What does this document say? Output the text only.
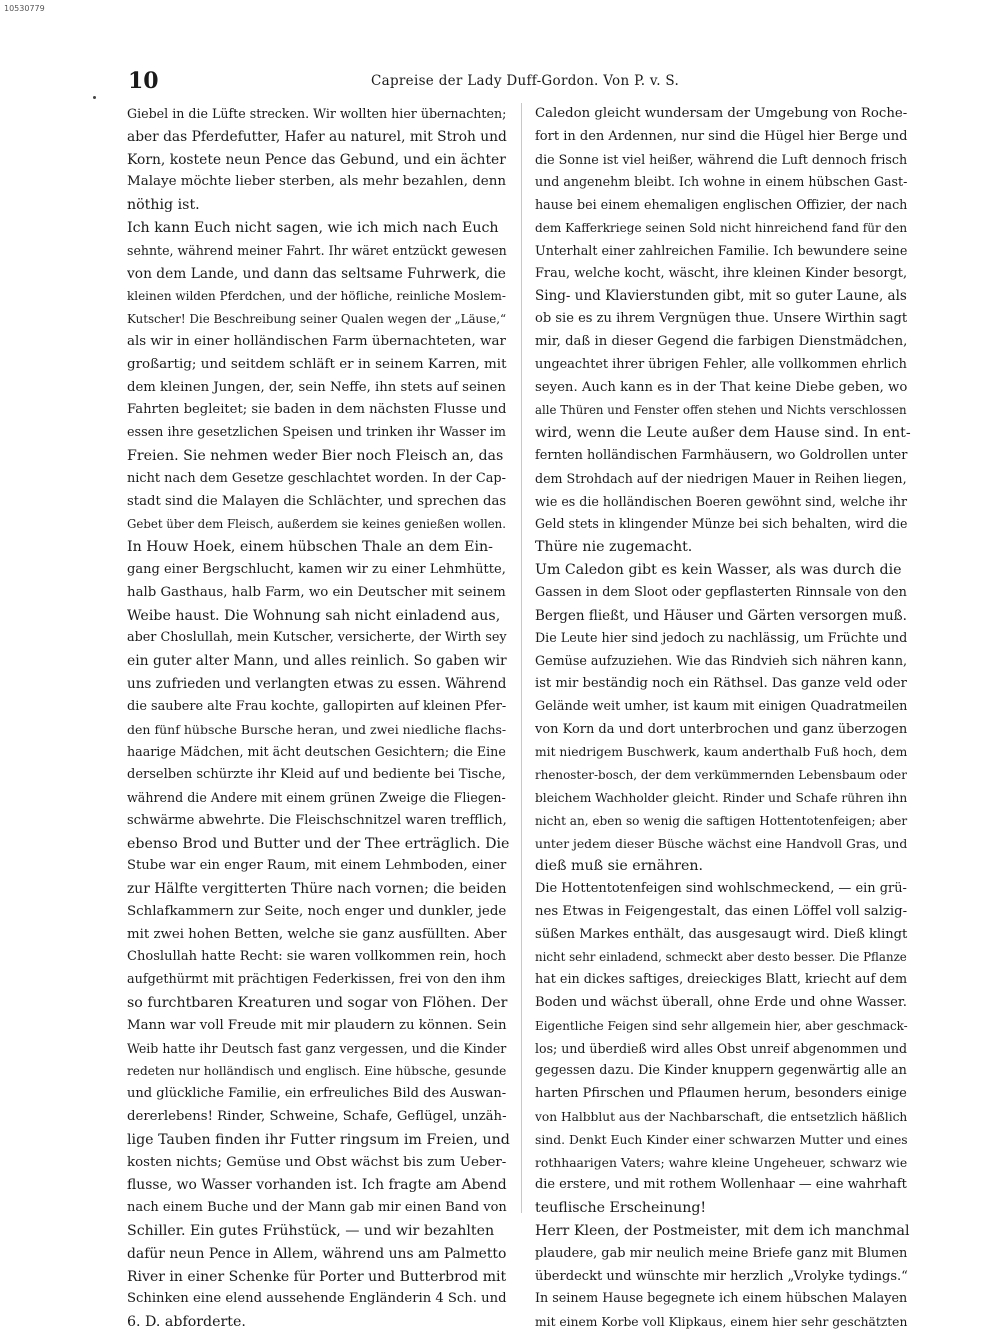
10530779
10	Capreise der Lady Duff-Gordon. Von P. v. S.
Giebel in die Lüfte strecken. Wir wollten hier übernachten;
aber das Pferdefutter, Hafer au naturel, mit Stroh und
Korn, kostete neun Pence das Gebund, und ein ächter
Malaye möchte lieber sterben, als mehr bezahlen, denn
nöthig ist.
Ich kann Euch nicht sagen, wie ich mich nach Euch
sehnte, während meiner Fahrt. Ihr wäret entzückt gewesen
von dem Lande, und dann das seltsame Fuhrwerk, die
kleinen wilden Pferdchen, und der höfliche, reinliche Moslem-
Kutscher! Die Beschreibung seiner Qualen wegen der „Läuse,“
als wir in einer holländischen Farm übernachteten, war
großartig; und seitdem schläft er in seinem Karren, mit
dem kleinen Jungen, der, sein Neffe, ihn stets auf seinen
Fahrten begleitet; sie baden in dem nächsten Flusse und
essen ihre gesetzlichen Speisen und trinken ihr Wasser im
Freien. Sie nehmen weder Bier noch Fleisch an, das
nicht nach dem Gesetze geschlachtet worden. In der Cap-
stadt sind die Malayen die Schlächter, und sprechen das
Gebet über dem Fleisch, außerdem sie keines genießen wollen.
In Houw Hoek, einem hübschen Thale an dem Ein-
gang einer Bergschlucht, kamen wir zu einer Lehmhütte,
halb Gasthaus, halb Farm, wo ein Deutscher mit seinem
Weibe haust. Die Wohnung sah nicht einladend aus,
aber Choslullah, mein Kutscher, versicherte, der Wirth sey
ein guter alter Mann, und alles reinlich. So gaben wir
uns zufrieden und verlangten etwas zu essen. Während
die saubere alte Frau kochte, gallopirten auf kleinen Pfer-
den fünf hübsche Bursche heran, und zwei niedliche flachs-
haarige Mädchen, mit ächt deutschen Gesichtern; die Eine
derselben schürzte ihr Kleid auf und bediente bei Tische,
während die Andere mit einem grünen Zweige die Fliegen-
schwärme abwehrte. Die Fleischschnitzel waren trefflich,
ebenso Brod und Butter und der Thee erträglich. Die
Stube war ein enger Raum, mit einem Lehmboden, einer
zur Hälfte vergitterten Thüre nach vornen; die beiden
Schlafkammern zur Seite, noch enger und dunkler, jede
mit zwei hohen Betten, welche sie ganz ausfüllten. Aber
Choslullah hatte Recht: sie waren vollkommen rein, hoch
aufgethürmt mit prächtigen Federkissen, frei von den ihm
so furchtbaren Kreaturen und sogar von Flöhen. Der
Mann war voll Freude mit mir plaudern zu können. Sein
Weib hatte ihr Deutsch fast ganz vergessen, und die Kinder
redeten nur holländisch und englisch. Eine hübsche, gesunde
und glückliche Familie, ein erfreuliches Bild des Auswan-
dererlebens! Rinder, Schweine, Schafe, Geflügel, unzäh-
lige Tauben finden ihr Futter ringsum im Freien, und
kosten nichts; Gemüse und Obst wächst bis zum Ueber-
flusse, wo Wasser vorhanden ist. Ich fragte am Abend
nach einem Buche und der Mann gab mir einen Band von
Schiller. Ein gutes Frühstück, — und wir bezahlten
dafür neun Pence in Allem, während uns am Palmetto
River in einer Schenke für Porter und Butterbrod mit
Schinken eine elend aussehende Engländerin 4 Sch. und
6. D. abforderte.
Caledon gleicht wundersam der Umgebung von Roche-
fort in den Ardennen, nur sind die Hügel hier Berge und
die Sonne ist viel heißer, während die Luft dennoch frisch
und angenehm bleibt. Ich wohne in einem hübschen Gast-
hause bei einem ehemaligen englischen Offizier, der nach
dem Kafferkriege seinen Sold nicht hinreichend fand für den
Unterhalt einer zahlreichen Familie. Ich bewundere seine
Frau, welche kocht, wäscht, ihre kleinen Kinder besorgt,
Sing- und Klavierstunden gibt, mit so guter Laune, als
ob sie es zu ihrem Vergnügen thue. Unsere Wirthin sagt
mir, daß in dieser Gegend die farbigen Dienstmädchen,
ungeachtet ihrer übrigen Fehler, alle vollkommen ehrlich
seyen. Auch kann es in der That keine Diebe geben, wo
alle Thüren und Fenster offen stehen und Nichts verschlossen
wird, wenn die Leute außer dem Hause sind. In ent-
fernten holländischen Farmhäusern, wo Goldrollen unter
dem Strohdach auf der niedrigen Mauer in Reihen liegen,
wie es die holländischen Boeren gewöhnt sind, welche ihr
Geld stets in klingender Münze bei sich behalten, wird die
Thüre nie zugemacht.
Um Caledon gibt es kein Wasser, als was durch die
Gassen in dem Sloot oder gepflasterten Rinnsale von den
Bergen fließt, und Häuser und Gärten versorgen muß.
Die Leute hier sind jedoch zu nachlässig, um Früchte und
Gemüse aufzuziehen. Wie das Rindvieh sich nähren kann,
ist mir beständig noch ein Räthsel. Das ganze veld oder
Gelände weit umher, ist kaum mit einigen Quadratmeilen
von Korn da und dort unterbrochen und ganz überzogen
mit niedrigem Buschwerk, kaum anderthalb Fuß hoch, dem
rhenoster-bosch, der dem verkümmernden Lebensbaum oder
bleichem Wachholder gleicht. Rinder und Schafe rühren ihn
nicht an, eben so wenig die saftigen Hottentotenfeigen; aber
unter jedem dieser Büsche wächst eine Handvoll Gras, und
dieß muß sie ernähren.
Die Hottentotenfeigen sind wohlschmeckend, — ein grü-
nes Etwas in Feigengestalt, das einen Löffel voll salzig-
süßen Markes enthält, das ausgesaugt wird. Dieß klingt
nicht sehr einladend, schmeckt aber desto besser. Die Pflanze
hat ein dickes saftiges, dreieckiges Blatt, kriecht auf dem
Boden und wächst überall, ohne Erde und ohne Wasser.
Eigentliche Feigen sind sehr allgemein hier, aber geschmack-
los; und überdieß wird alles Obst unreif abgenommen und
gegessen dazu. Die Kinder knuppern gegenwärtig alle an
harten Pfirschen und Pflaumen herum, besonders einige
von Halbblut aus der Nachbarschaft, die entsetzlich häßlich
sind. Denkt Euch Kinder einer schwarzen Mutter und eines
rothhaarigen Vaters; wahre kleine Ungeheuer, schwarz wie
die erstere, und mit rothem Wollenhaar — eine wahrhaft
teuflische Erscheinung!
Herr Kleen, der Postmeister, mit dem ich manchmal
plaudere, gab mir neulich meine Briefe ganz mit Blumen
überdeckt und wünschte mir herzlich „Vrolyke tydings.“
In seinem Hause begegnete ich einem hübschen Malayen
mit einem Korbe voll Klipkaus, einem hier sehr geschätzten
